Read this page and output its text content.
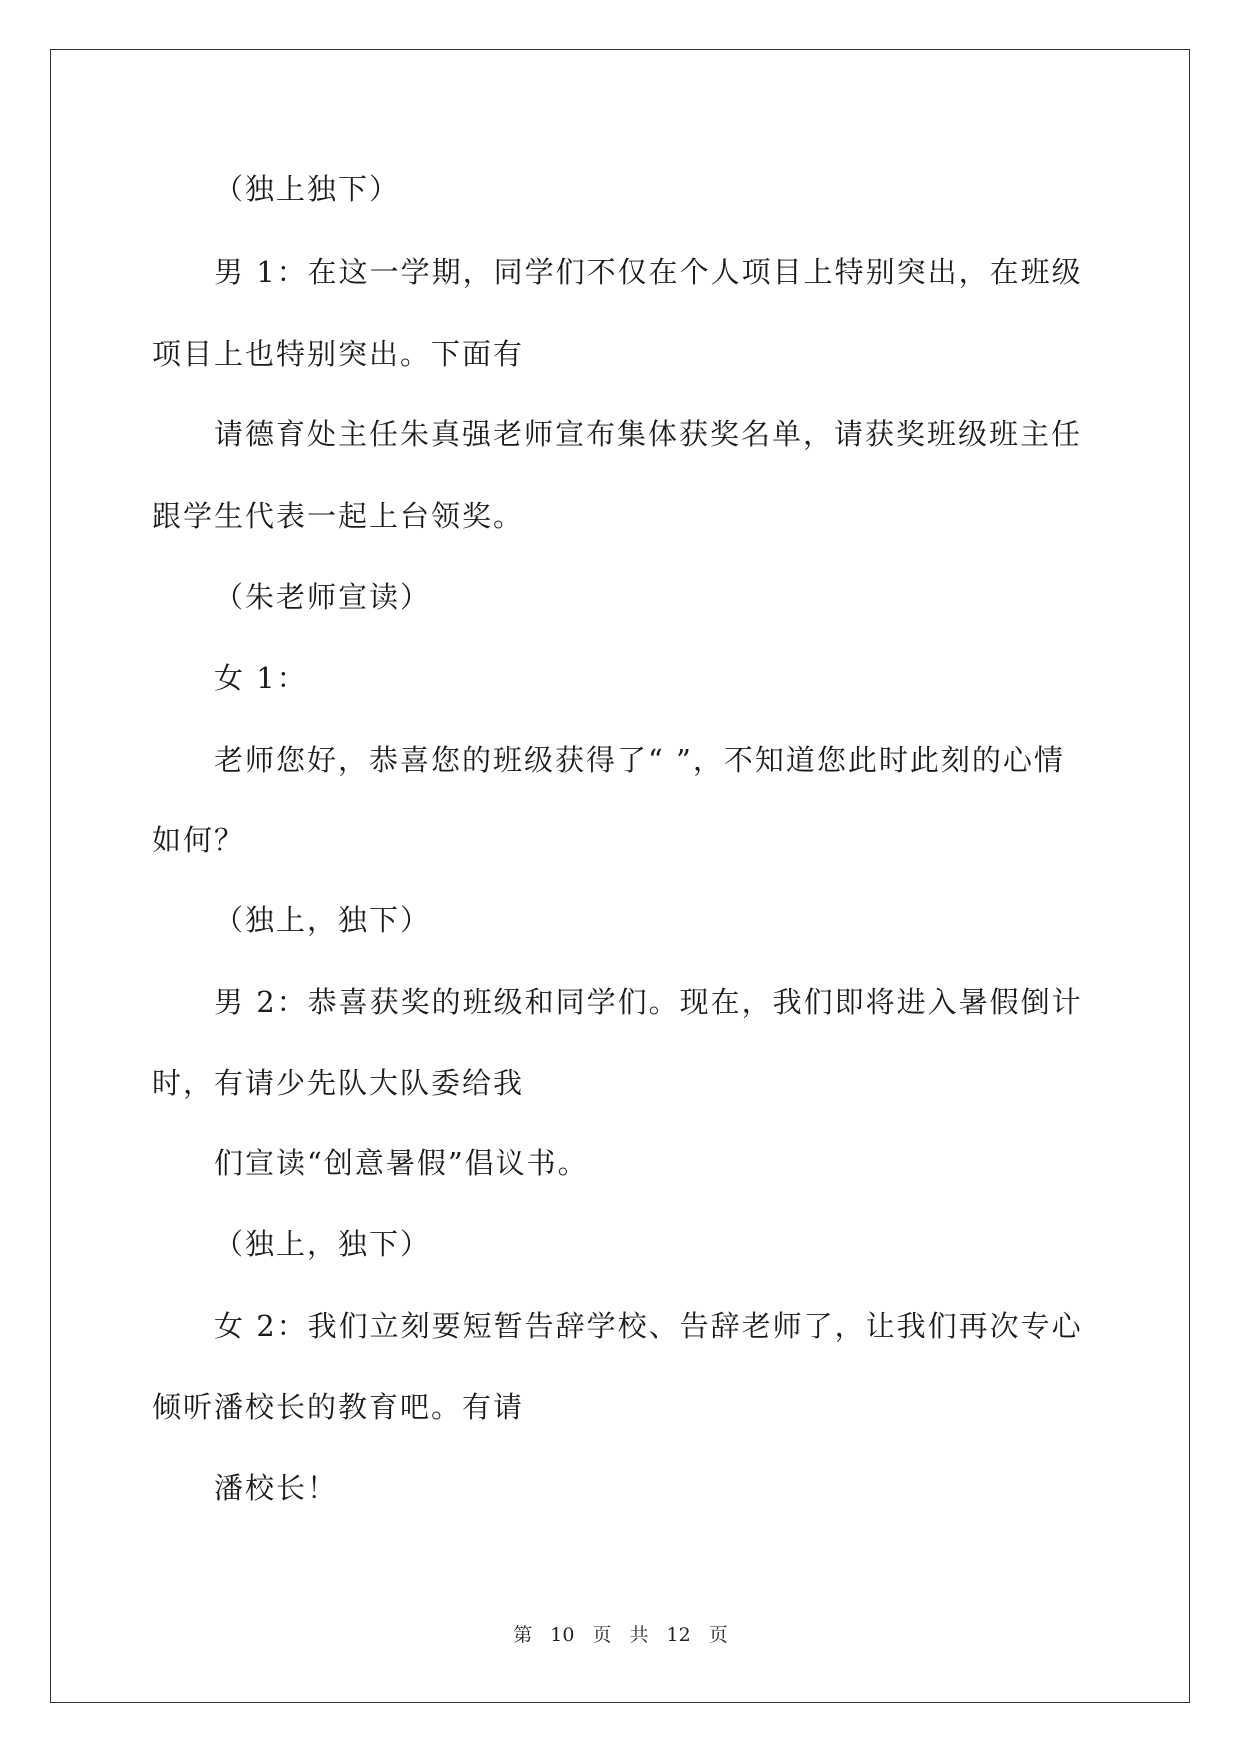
（独上独下）
男 1：在这一学期，同学们不仅在个人项目上特别突出，在班级
项目上也特别突出。下面有
请德育处主任朱真强老师宣布集体获奖名单，请获奖班级班主任
跟学生代表一起上台领奖。
（朱老师宣读）
女 1：
老师您好，恭喜您的班级获得了“ ”，不知道您此时此刻的心情
如何？
（独上，独下）
男 2：恭喜获奖的班级和同学们。现在，我们即将进入暑假倒计
时，有请少先队大队委给我
们宣读“创意暑假”倡议书。
（独上，独下）
女 2：我们立刻要短暂告辞学校、告辞老师了，让我们再次专心
倾听潘校长的教育吧。有请
潘校长！
第 10 页 共 12 页
